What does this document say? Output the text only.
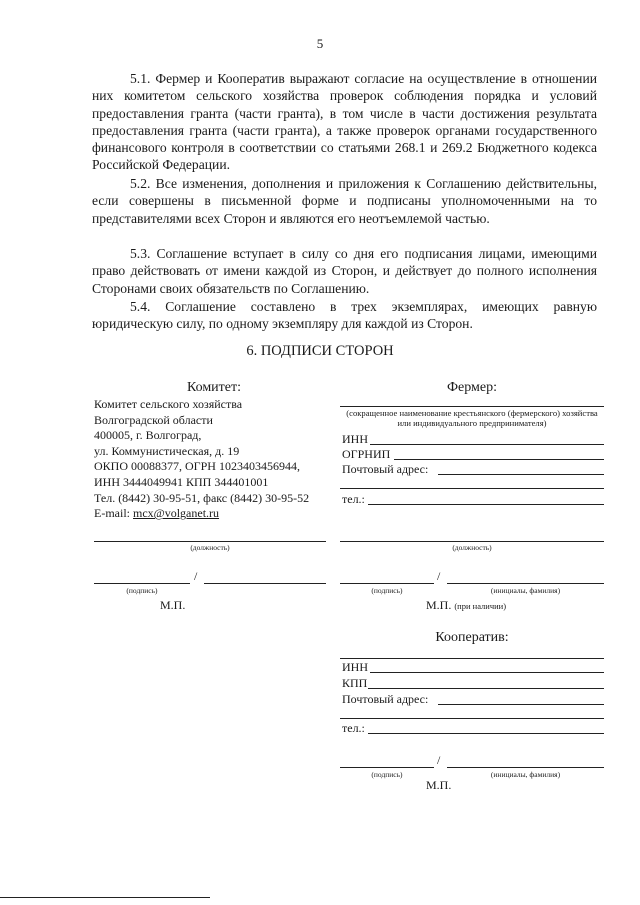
5

5.1. Фермер и Кооператив выражают согласие на осуществление в отношении них комитетом сельского хозяйства проверок соблюдения порядка и условий предоставления гранта (части гранта), в том числе в части достижения результата предоставления гранта (части гранта), а также проверок органами государственного финансового контроля в соответствии со статьями 268.1 и 269.2 Бюджетного кодекса Российской Федерации.

5.2. Все изменения, дополнения и приложения к Соглашению действительны, если совершены в письменной форме и подписаны уполномоченными на то представителями всех Сторон и являются его неотъемлемой частью.

5.3. Соглашение вступает в силу со дня его подписания лицами, имеющими право действовать от имени каждой из Сторон, и действует до полного исполнения Сторонами своих обязательств по Соглашению.

5.4. Соглашение составлено в трех экземплярах, имеющих равную юридическую силу, по одному экземпляру для каждой из Сторон.

6. ПОДПИСИ СТОРОН
Комитет:
Комитет сельского хозяйства
Волгоградской области
400005, г. Волгоград,
ул. Коммунистическая, д. 19
ОКПО 00088377, ОГРН 1023403456944,
ИНН 3444049941 КПП 344401001
Тел. (8442) 30-95-51, факс (8442) 30-95-52
E-mail: mcx@volganet.ru
(должность)
/
(подпись)
М.П.
Фермер:
(сокращенное наименование крестьянского (фермерского) хозяйства или индивидуального предпринимателя)
ИНН
ОГРНИП
Почтовый адрес:
тел.:
(должность)
/
(подпись)	(инициалы, фамилия)
М.П. (при наличии)
Кооператив:
ИНН
КПП
Почтовый адрес:
тел.:
/
(подпись)	(инициалы, фамилия)
М.П.
